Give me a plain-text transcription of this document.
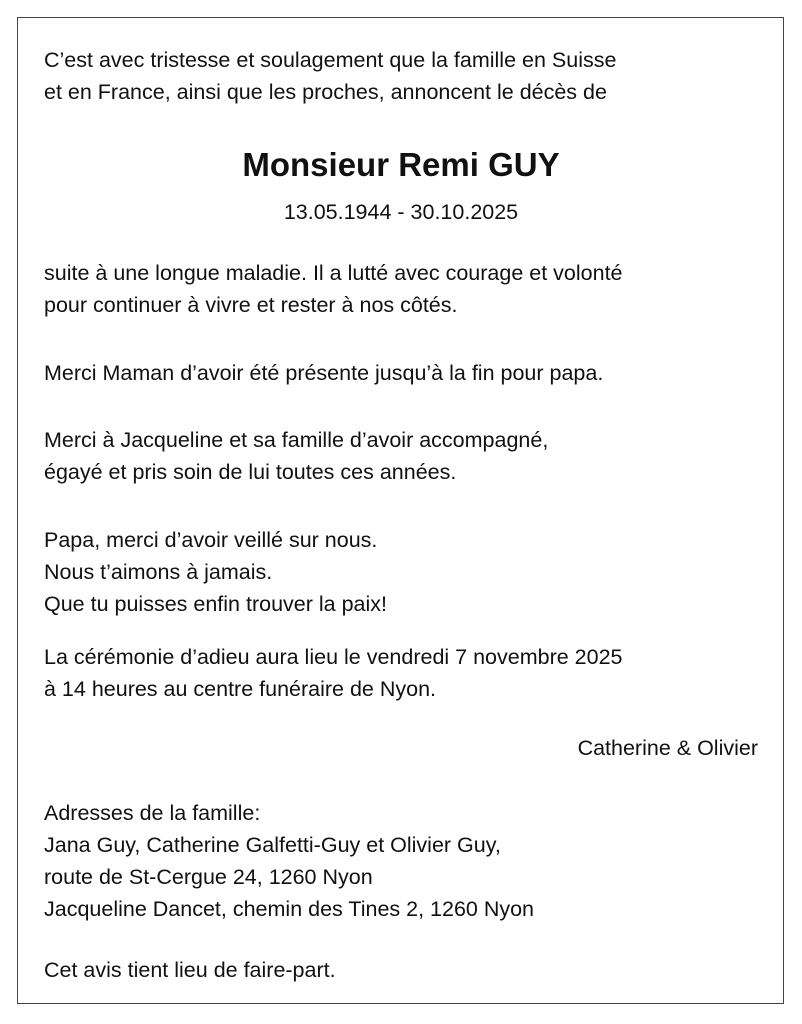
C’est avec tristesse et soulagement que la famille en Suisse
et en France, ainsi que les proches, annoncent le décès de
Monsieur Remi GUY
13.05.1944 - 30.10.2025
suite à une longue maladie. Il a lutté avec courage et volonté
pour continuer à vivre et rester à nos côtés.
Merci Maman d’avoir été présente jusqu’à la fin pour papa.
Merci à Jacqueline et sa famille d’avoir accompagné,
égayé et pris soin de lui toutes ces années.
Papa, merci d’avoir veillé sur nous.
Nous t’aimons à jamais.
Que tu puisses enfin trouver la paix!
La cérémonie d’adieu aura lieu le vendredi 7 novembre 2025
à 14 heures au centre funéraire de Nyon.
Catherine & Olivier
Adresses de la famille:
Jana Guy, Catherine Galfetti-Guy et Olivier Guy,
route de St-Cergue 24, 1260 Nyon
Jacqueline Dancet, chemin des Tines 2, 1260 Nyon
Cet avis tient lieu de faire-part.
